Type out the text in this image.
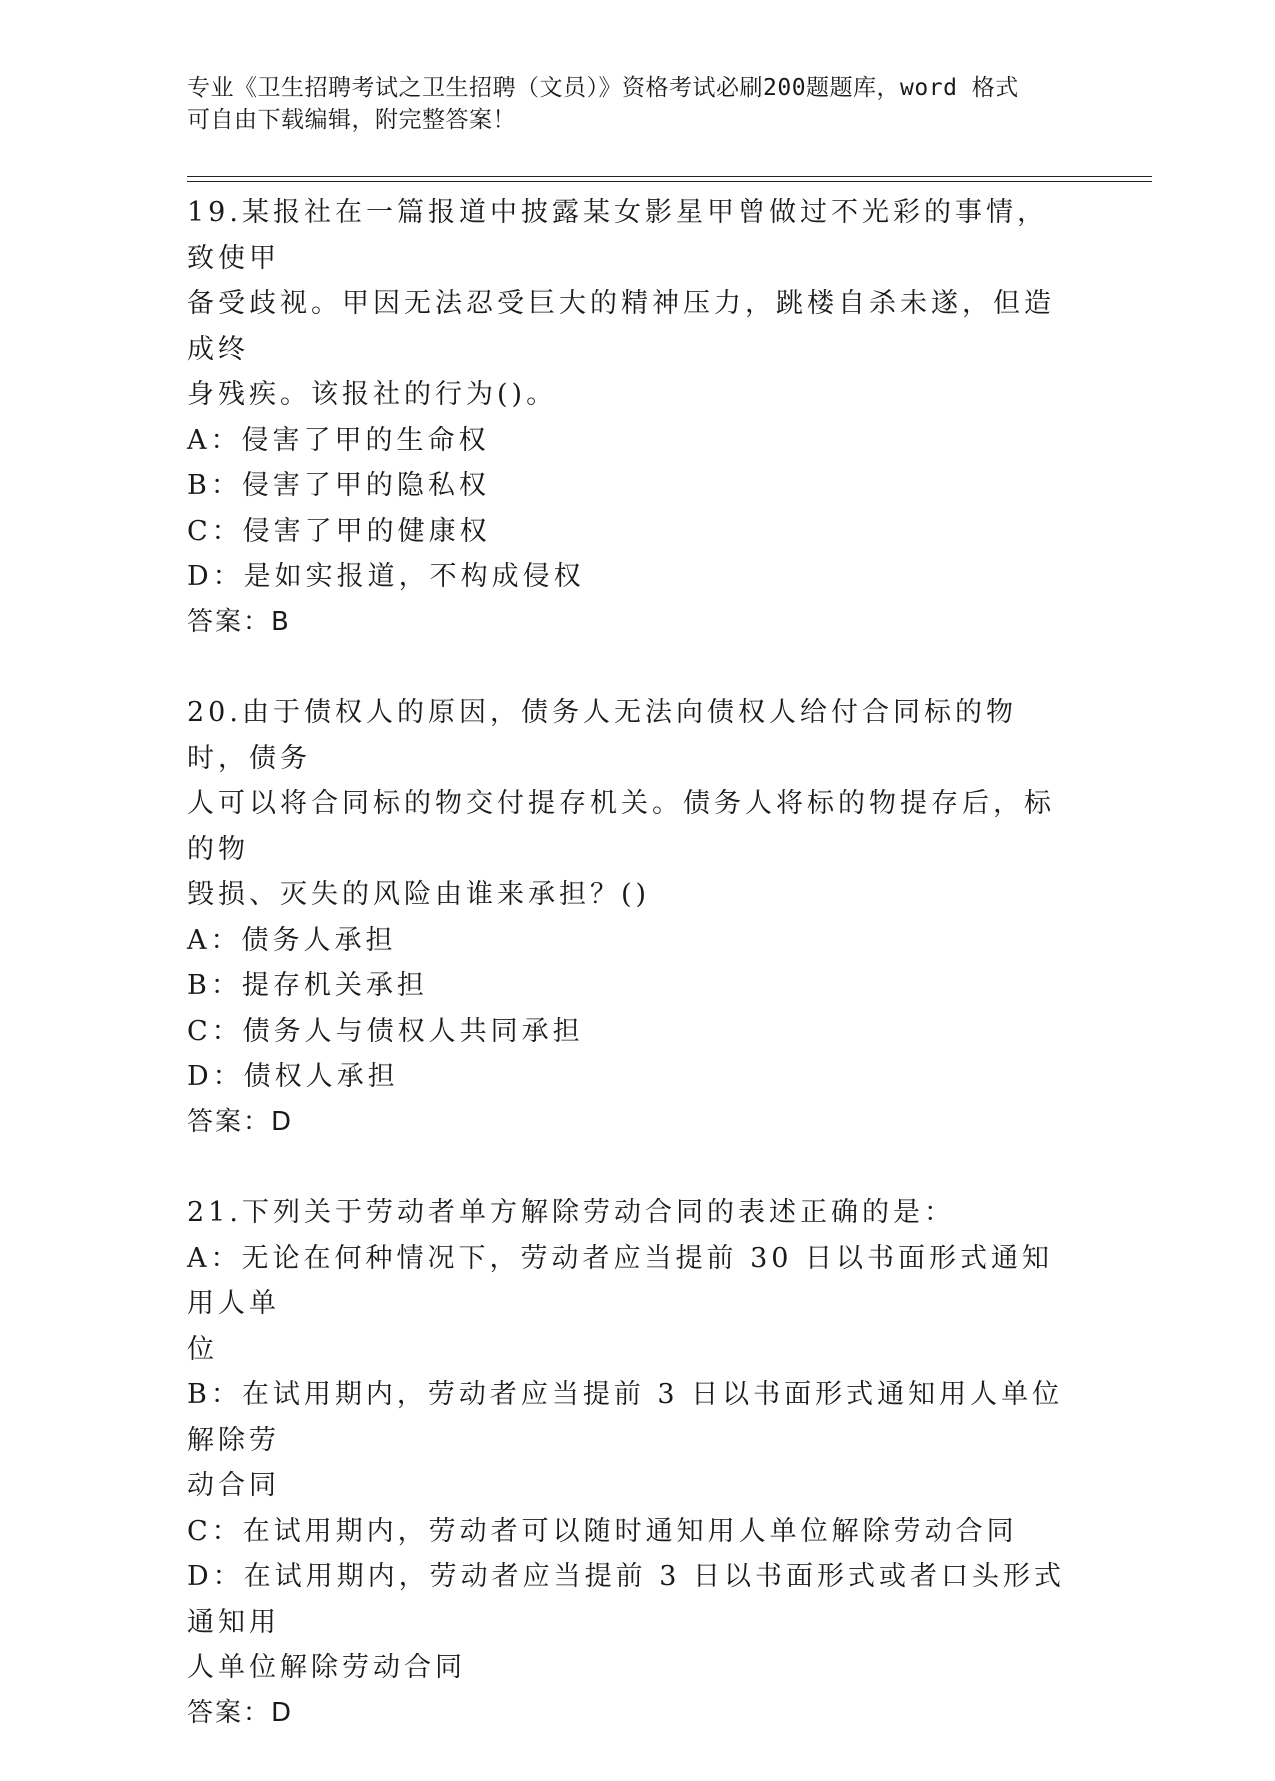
专业《卫生招聘考试之卫生招聘（文员）》资格考试必刷200题题库，word 格式
可自由下载编辑，附完整答案！

19.某报社在一篇报道中披露某女影星甲曾做过不光彩的事情，致使甲

备受歧视。甲因无法忍受巨大的精神压力，跳楼自杀未遂，但造成终

身残疾。该报社的行为()。

A：侵害了甲的生命权

B：侵害了甲的隐私权

C：侵害了甲的健康权

D：是如实报道，不构成侵权

答案：B

20.由于债权人的原因，债务人无法向债权人给付合同标的物时，债务

人可以将合同标的物交付提存机关。债务人将标的物提存后，标的物

毁损、灭失的风险由谁来承担？()

A：债务人承担

B：提存机关承担

C：债务人与债权人共同承担

D：债权人承担

答案：D

21.下列关于劳动者单方解除劳动合同的表述正确的是：

A：无论在何种情况下，劳动者应当提前 30 日以书面形式通知用人单

位

B：在试用期内，劳动者应当提前 3 日以书面形式通知用人单位解除劳

动合同

C：在试用期内，劳动者可以随时通知用人单位解除劳动合同

D：在试用期内，劳动者应当提前 3 日以书面形式或者口头形式通知用

人单位解除劳动合同

答案：D
